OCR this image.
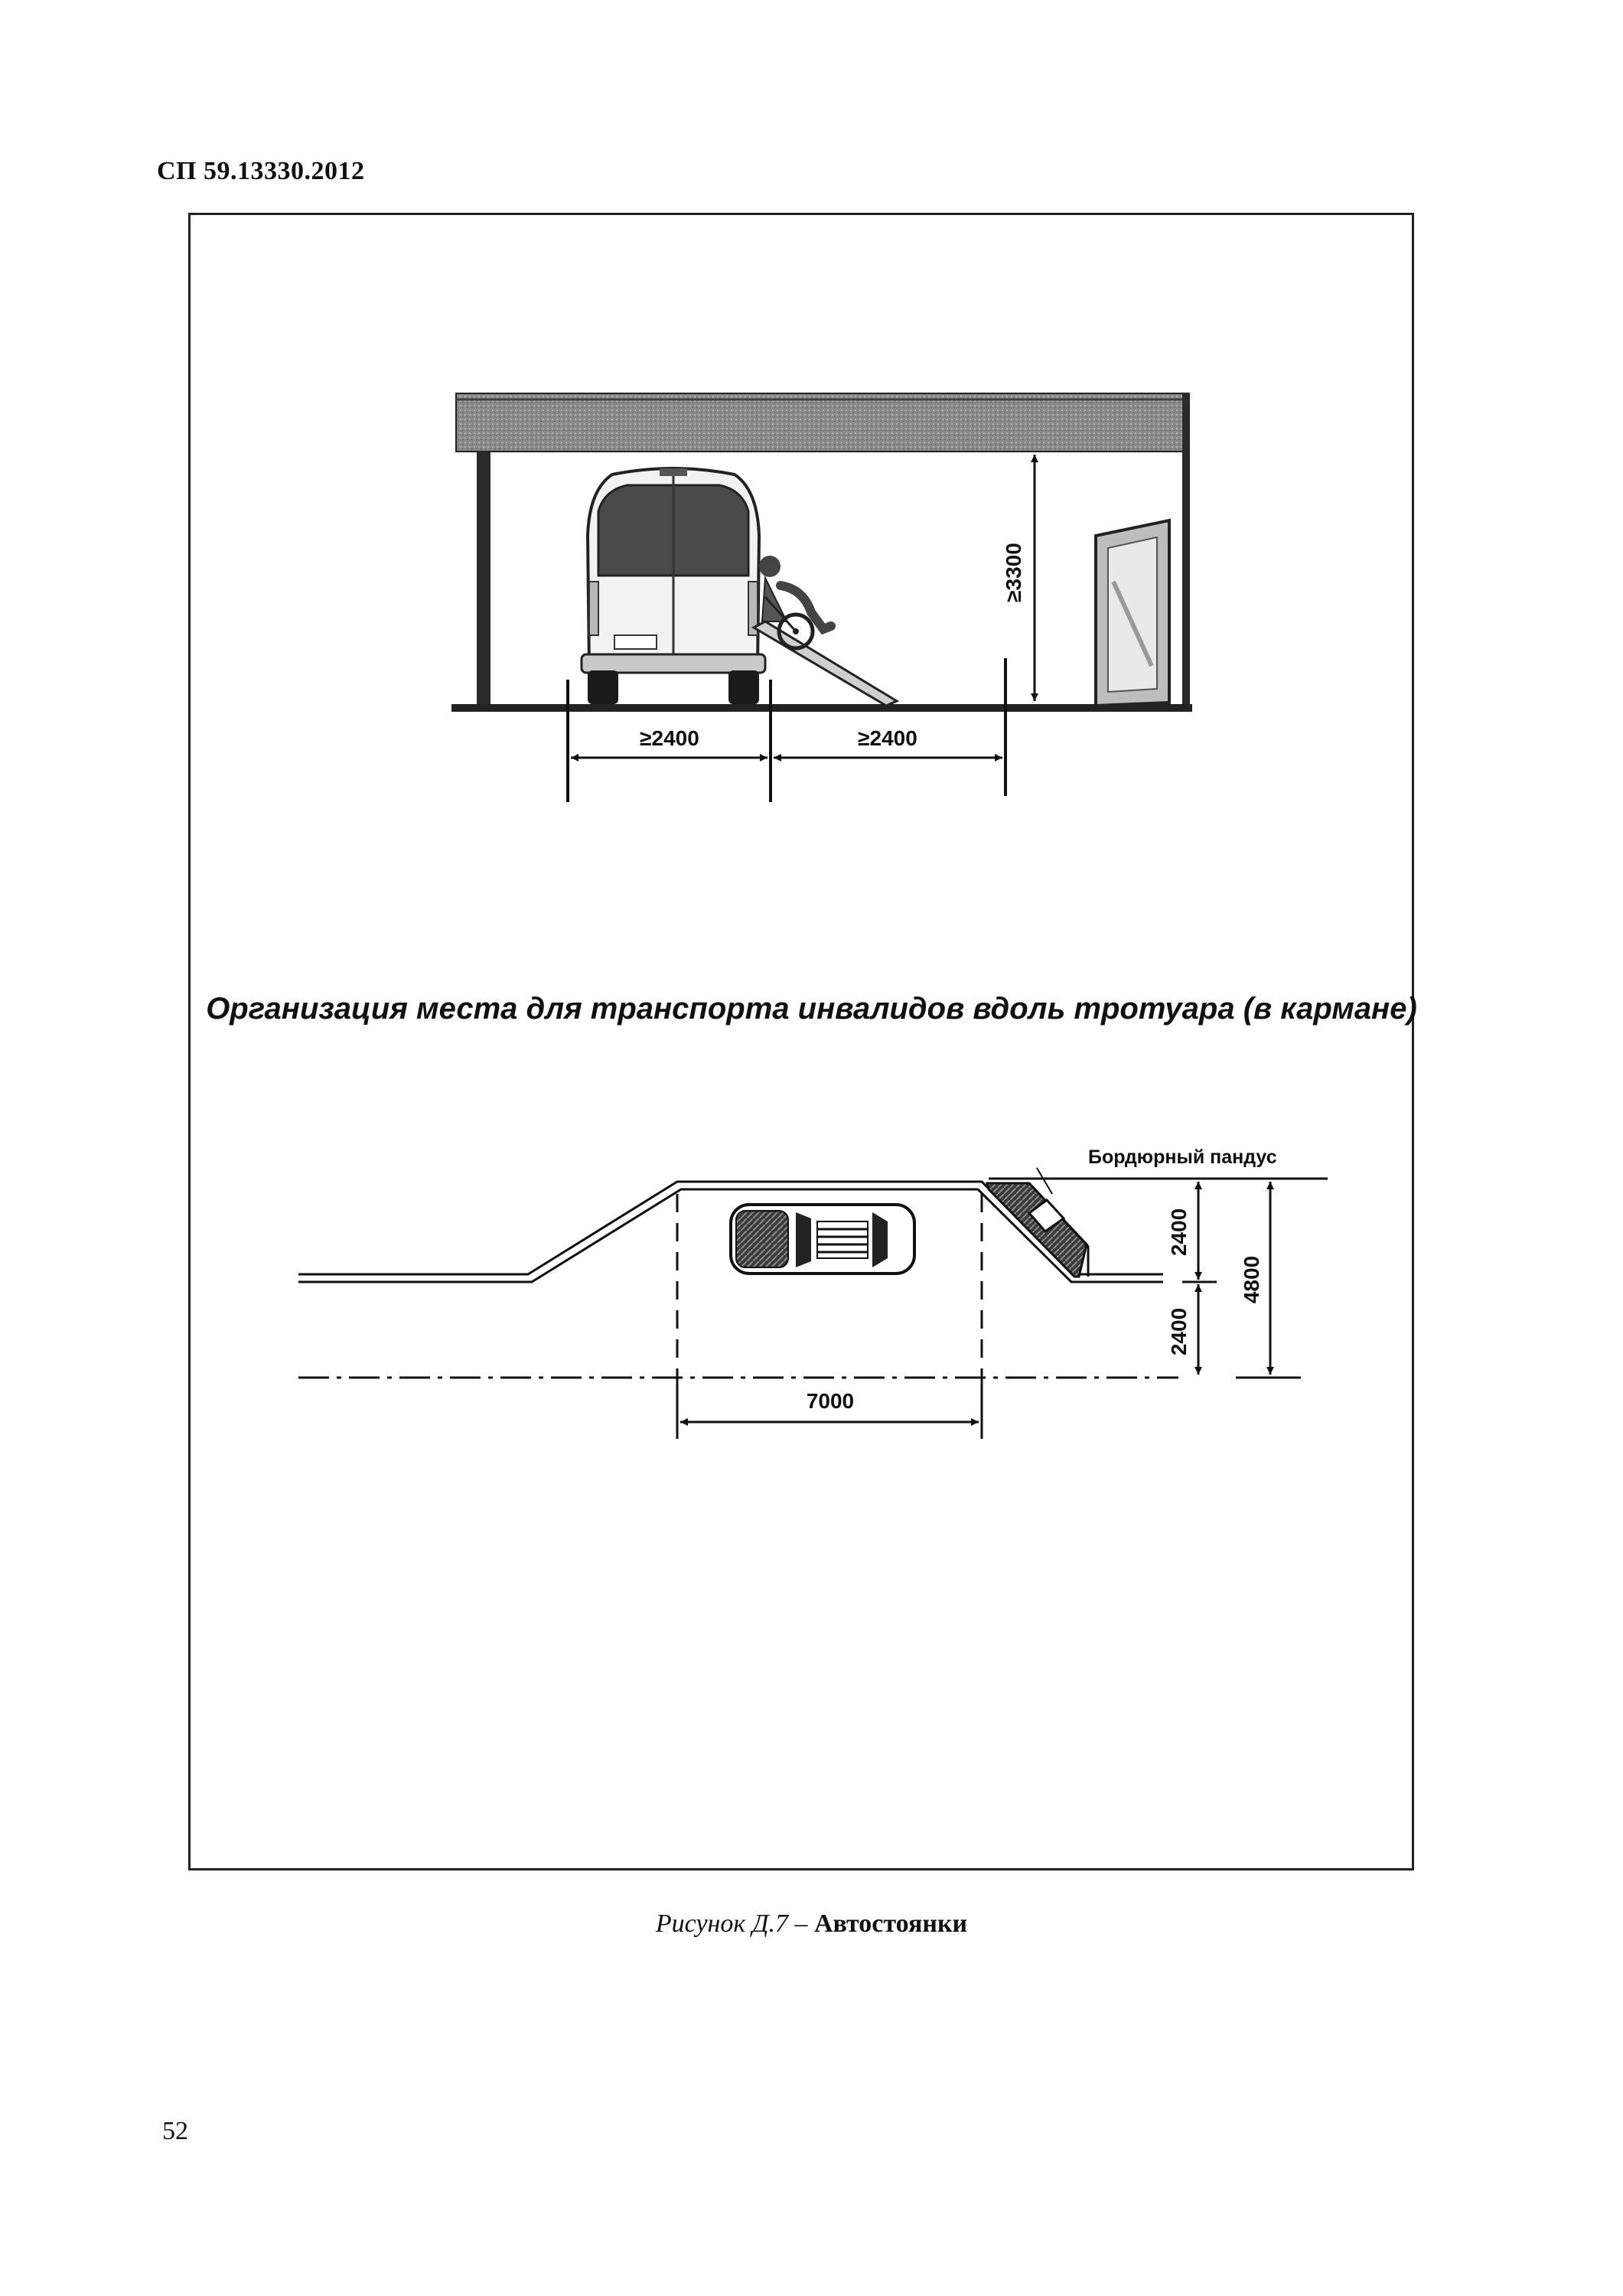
СП 59.13330.2012
≥2400	≥2400
≥3300
7000
2400
2400
4800
Бордюрный пандус
Организация места для транспорта инвалидов вдоль тротуара (в кармане)
Рисунок Д.7 – Автостоянки
52
